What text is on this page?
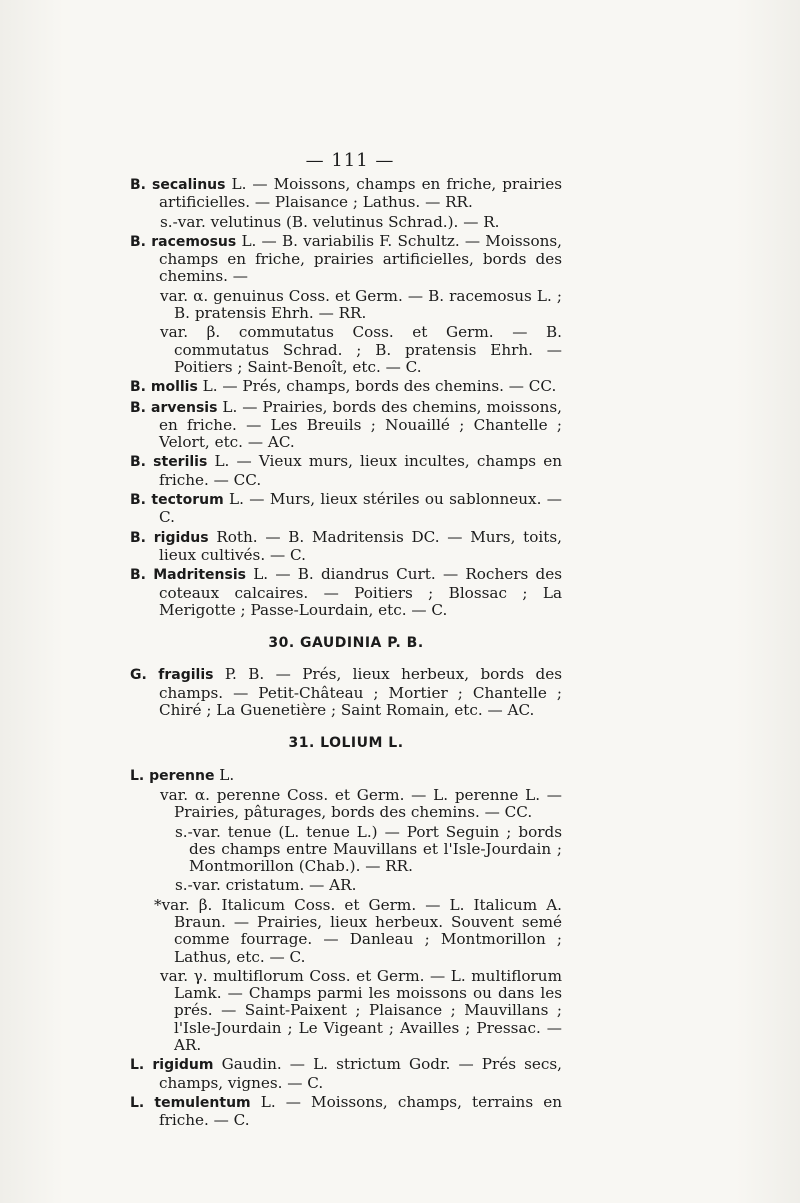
— 111 —

B. secalinus L. — Moissons, champs en friche, prairies artificielles. — Plaisance ; Lathus. — RR.

s.-var. velutinus (B. velutinus Schrad.). — R.

B. racemosus L. — B. variabilis F. Schultz. — Moissons, champs en friche, prairies artificielles, bords des chemins. —

var. α. genuinus Coss. et Germ. — B. racemosus L. ; B. pratensis Ehrh. — RR.

var. β. commutatus Coss. et Germ. — B. commutatus Schrad. ; B. pratensis Ehrh. — Poitiers ; Saint-Benoît, etc. — C.

B. mollis L. — Prés, champs, bords des chemins. — CC.

B. arvensis L. — Prairies, bords des chemins, moissons, en friche. — Les Breuils ; Nouaillé ; Chantelle ; Velort, etc. — AC.

B. sterilis L. — Vieux murs, lieux incultes, champs en friche. — CC.

B. tectorum L. — Murs, lieux stériles ou sablonneux. — C.

B. rigidus Roth. — B. Madritensis DC. — Murs, toits, lieux cultivés. — C.

B. Madritensis L. — B. diandrus Curt. — Rochers des coteaux calcaires. — Poitiers ; Blossac ; La Merigotte ; Passe-Lourdain, etc. — C.

30. GAUDINIA P. B.

G. fragilis P. B. — Prés, lieux herbeux, bords des champs. — Petit-Château ; Mortier ; Chantelle ; Chiré ; La Guenetière ; Saint Romain, etc. — AC.

31. LOLIUM L.

L. perenne L.

var. α. perenne Coss. et Germ. — L. perenne L. — Prairies, pâturages, bords des chemins. — CC.

s.-var. tenue (L. tenue L.) — Port Seguin ; bords des champs entre Mauvillans et l'Isle-Jourdain ; Montmorillon (Chab.). — RR.

s.-var. cristatum. — AR.

*var. β. Italicum Coss. et Germ. — L. Italicum A. Braun. — Prairies, lieux herbeux. Souvent semé comme fourrage. — Danleau ; Montmorillon ; Lathus, etc. — C.

var. γ. multiflorum Coss. et Germ. — L. multiflorum Lamk. — Champs parmi les moissons ou dans les prés. — Saint-Paixent ; Plaisance ; Mauvillans ; l'Isle-Jourdain ; Le Vigeant ; Availles ; Pressac. — AR.

L. rigidum Gaudin. — L. strictum Godr. — Prés secs, champs, vignes. — C.

L. temulentum L. — Moissons, champs, terrains en friche. — C.
